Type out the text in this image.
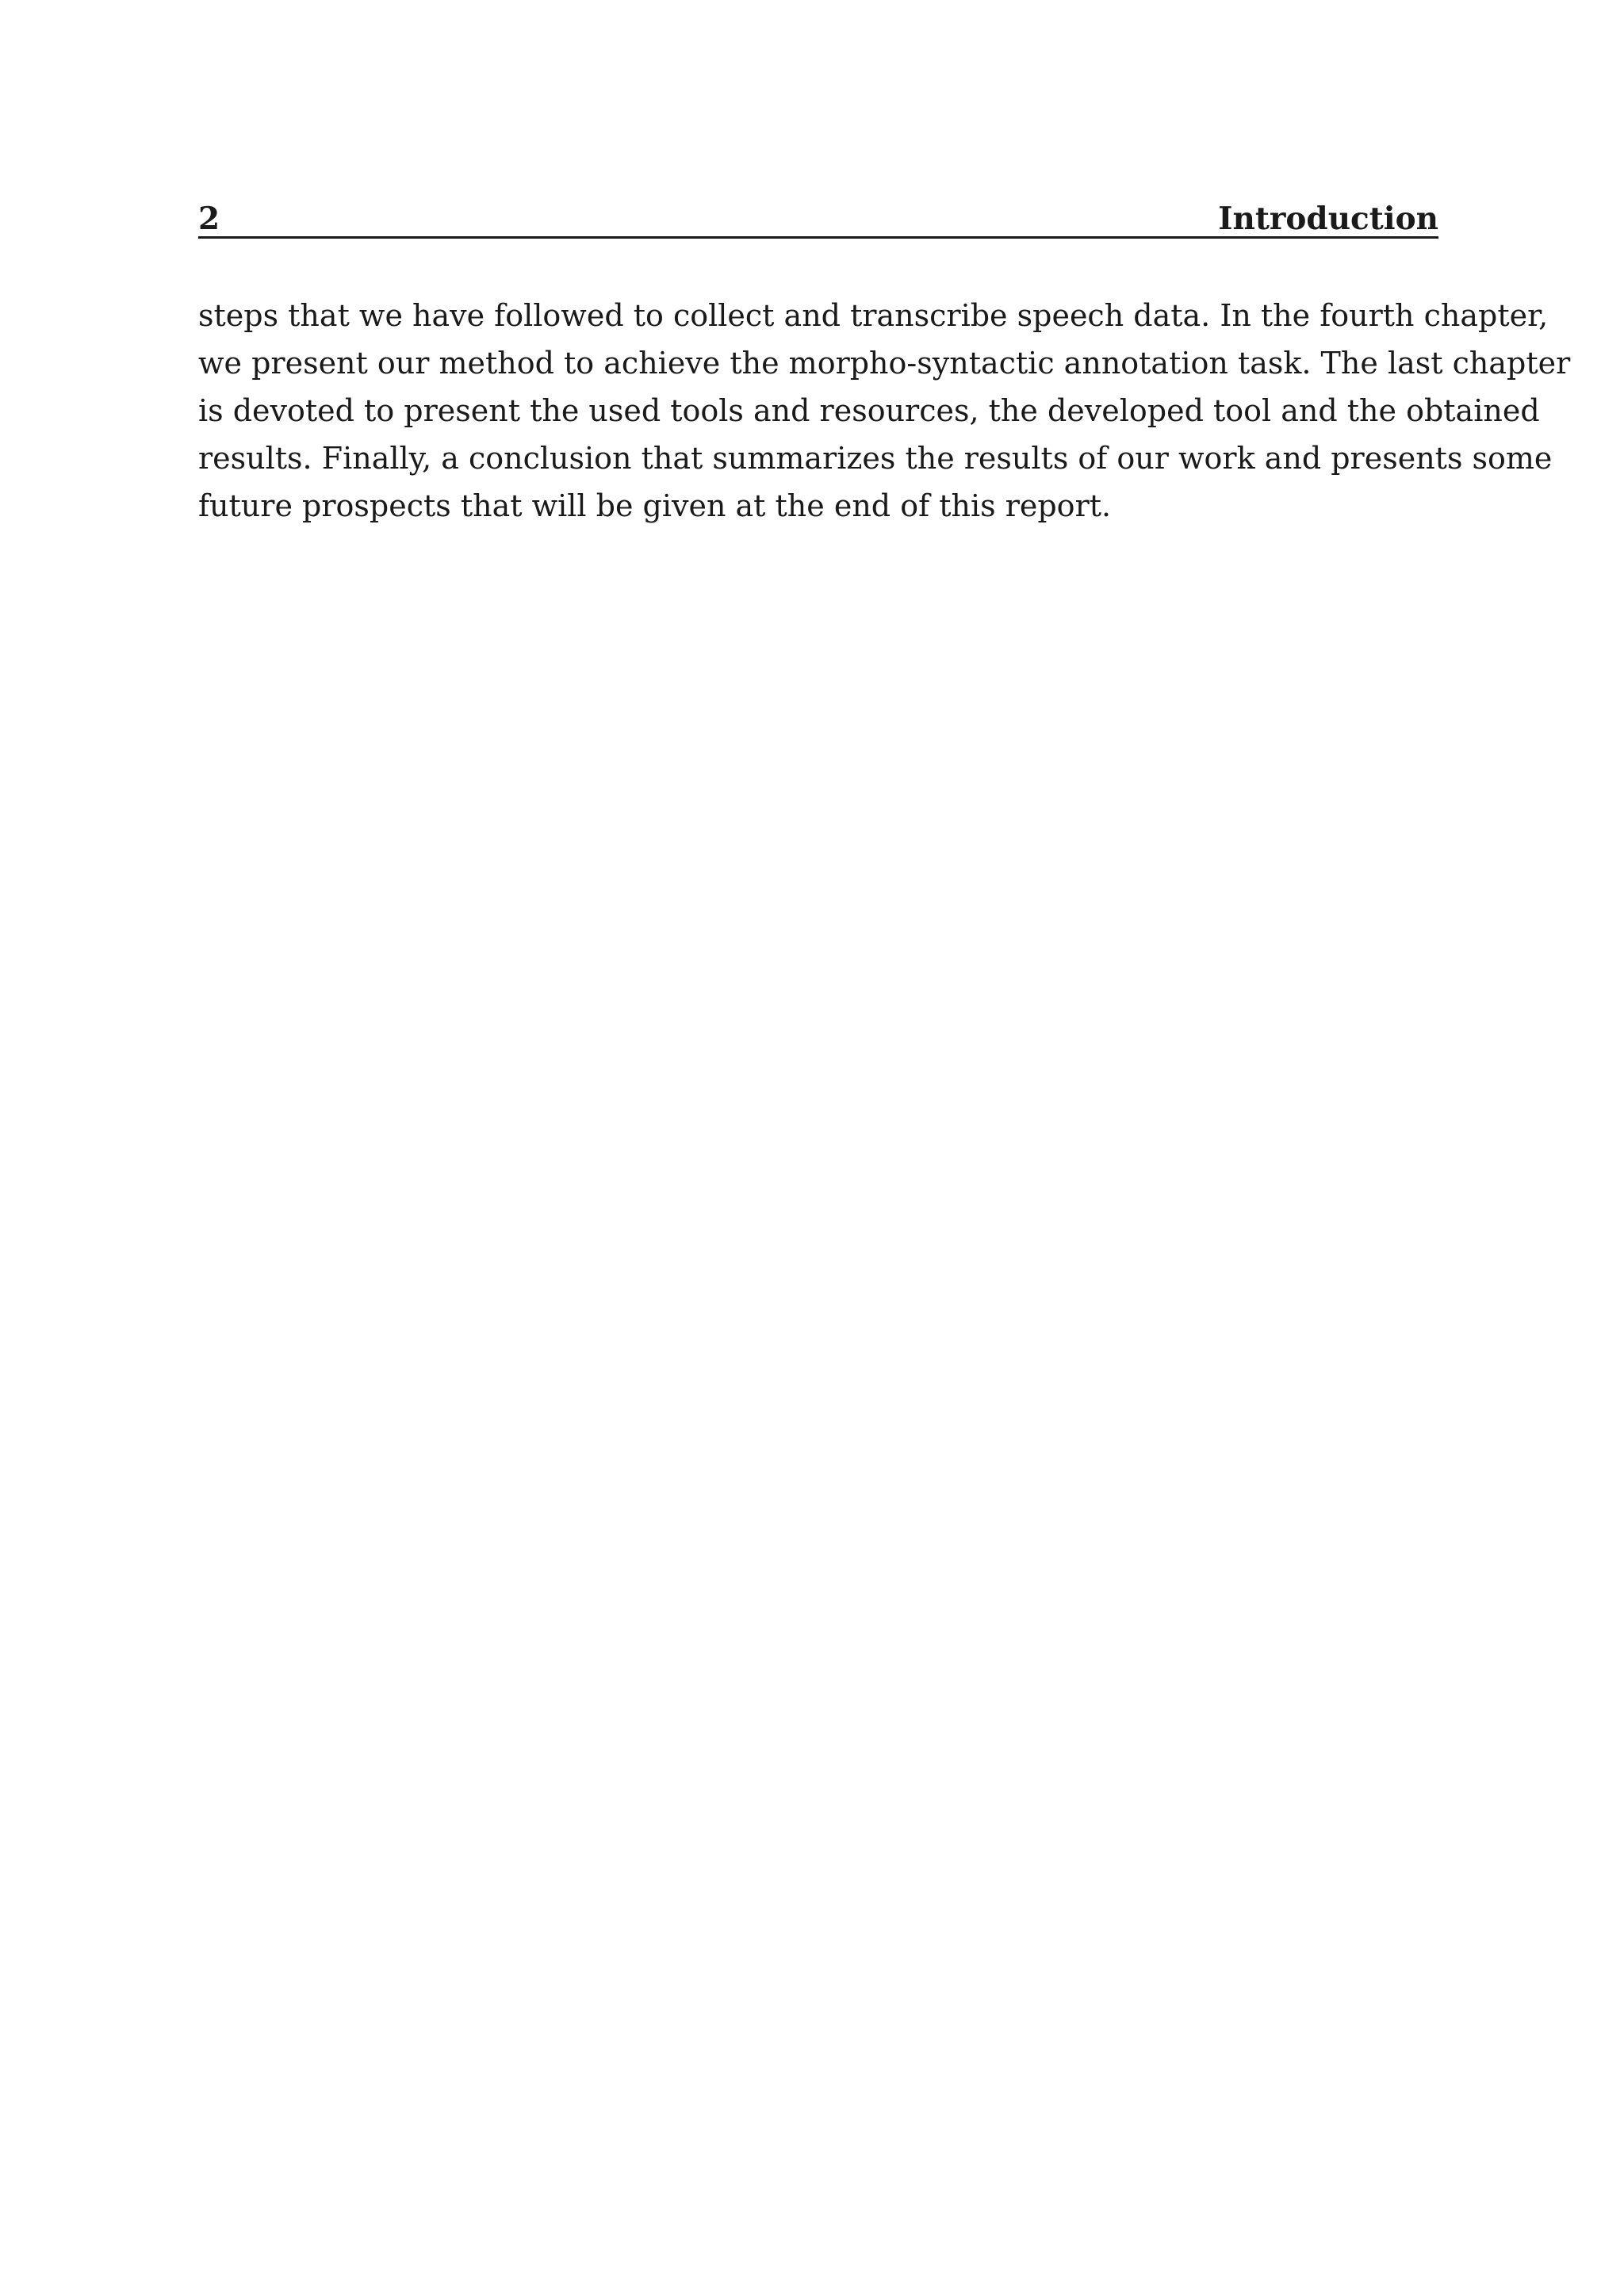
2	Introduction

steps that we have followed to collect and transcribe speech data. In the fourth chapter,
we present our method to achieve the morpho-syntactic annotation task. The last chapter
is devoted to present the used tools and resources, the developed tool and the obtained
results. Finally, a conclusion that summarizes the results of our work and presents some
future prospects that will be given at the end of this report.
